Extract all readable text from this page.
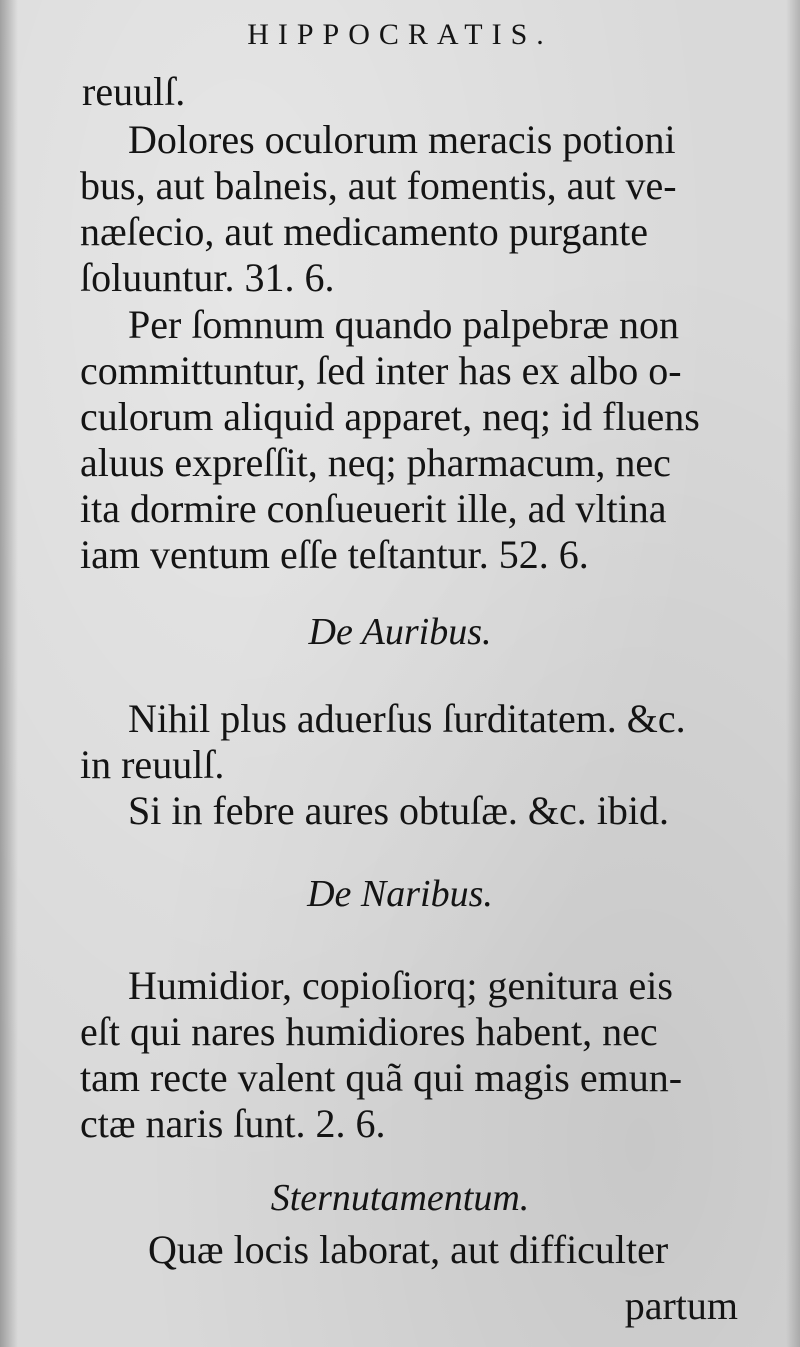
HIPPOCRATIS.
reuulſ.
Dolores oculorum meracis potioni
bus, aut balneis, aut fomentis, aut ve-
næſecio, aut medicamento purgante
ſoluuntur. 31. 6.
Per ſomnum quando palpebræ non
committuntur, ſed inter has ex albo o-
culorum aliquid apparet, neq; id fluens
aluus expreſſit, neq; pharmacum, nec
ita dormire conſueuerit ille, ad vltina
iam ventum eſſe teſtantur. 52. 6.
De Auribus.
Nihil plus aduerſus ſurditatem. &c.
in reuulſ.
Si in febre aures obtuſæ. &c. ibid.
De Naribus.
Humidior, copioſiorq; genitura eis
eſt qui nares humidiores habent, nec
tam recte valent quã qui magis emun-
ctæ naris ſunt. 2. 6.
Sternutamentum.
Quæ locis laborat, aut difficulter
partum
